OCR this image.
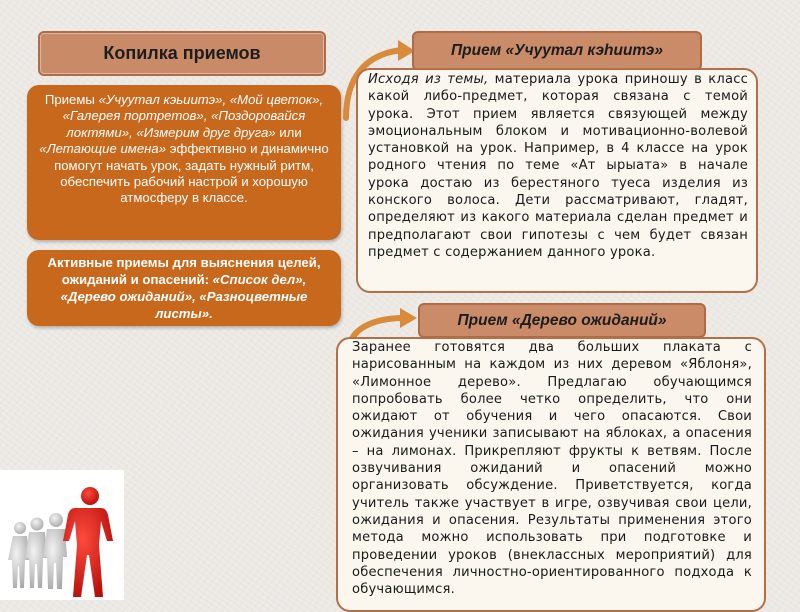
Копилка приемов
Приемы «Учуутал кэьиитэ», «Мой цветок», «Галерея портретов», «Поздоровайся локтями», «Измерим друг друга» или «Летающие имена» эффективно и динамично помогут начать урок, задать нужный ритм, обеспечить рабочий настрой и хорошую атмосферу в классе.
Активные приемы для выяснения целей, ожиданий и опасений: «Список дел», «Дерево ожиданий», «Разноцветные листы».
Прием «Учуутал кэһиитэ»
Исходя из темы, материала урока приношу в класс какой либо-предмет, которая связана с темой урока. Этот прием является связующей между эмоциональным блоком и мотивационно-волевой установкой на урок. Например, в 4 классе на урок родного чтения по теме «Ат ырыата» в начале урока достаю из берестяного туеса изделия из конского волоса. Дети рассматривают, гладят, определяют из какого материала сделан предмет и предполагают свои гипотезы с чем будет связан предмет с содержанием данного урока.
Прием «Дерево ожиданий»
Заранее готовятся два больших плаката с нарисованным на каждом из них деревом «Яблоня», «Лимонное дерево». Предлагаю обучающимся попробовать более четко определить, что они ожидают от обучения и чего опасаются. Свои ожидания ученики записывают на яблоках, а опасения – на лимонах. Прикрепляют фрукты к ветвям. После озвучивания ожиданий и опасений можно организовать обсуждение. Приветствуется, когда учитель также участвует в игре, озвучивая свои цели, ожидания и опасения. Результаты применения этого метода можно использовать при подготовке и проведении уроков (внеклассных мероприятий) для обеспечения личностно-ориентированного подхода к обучающимся.
